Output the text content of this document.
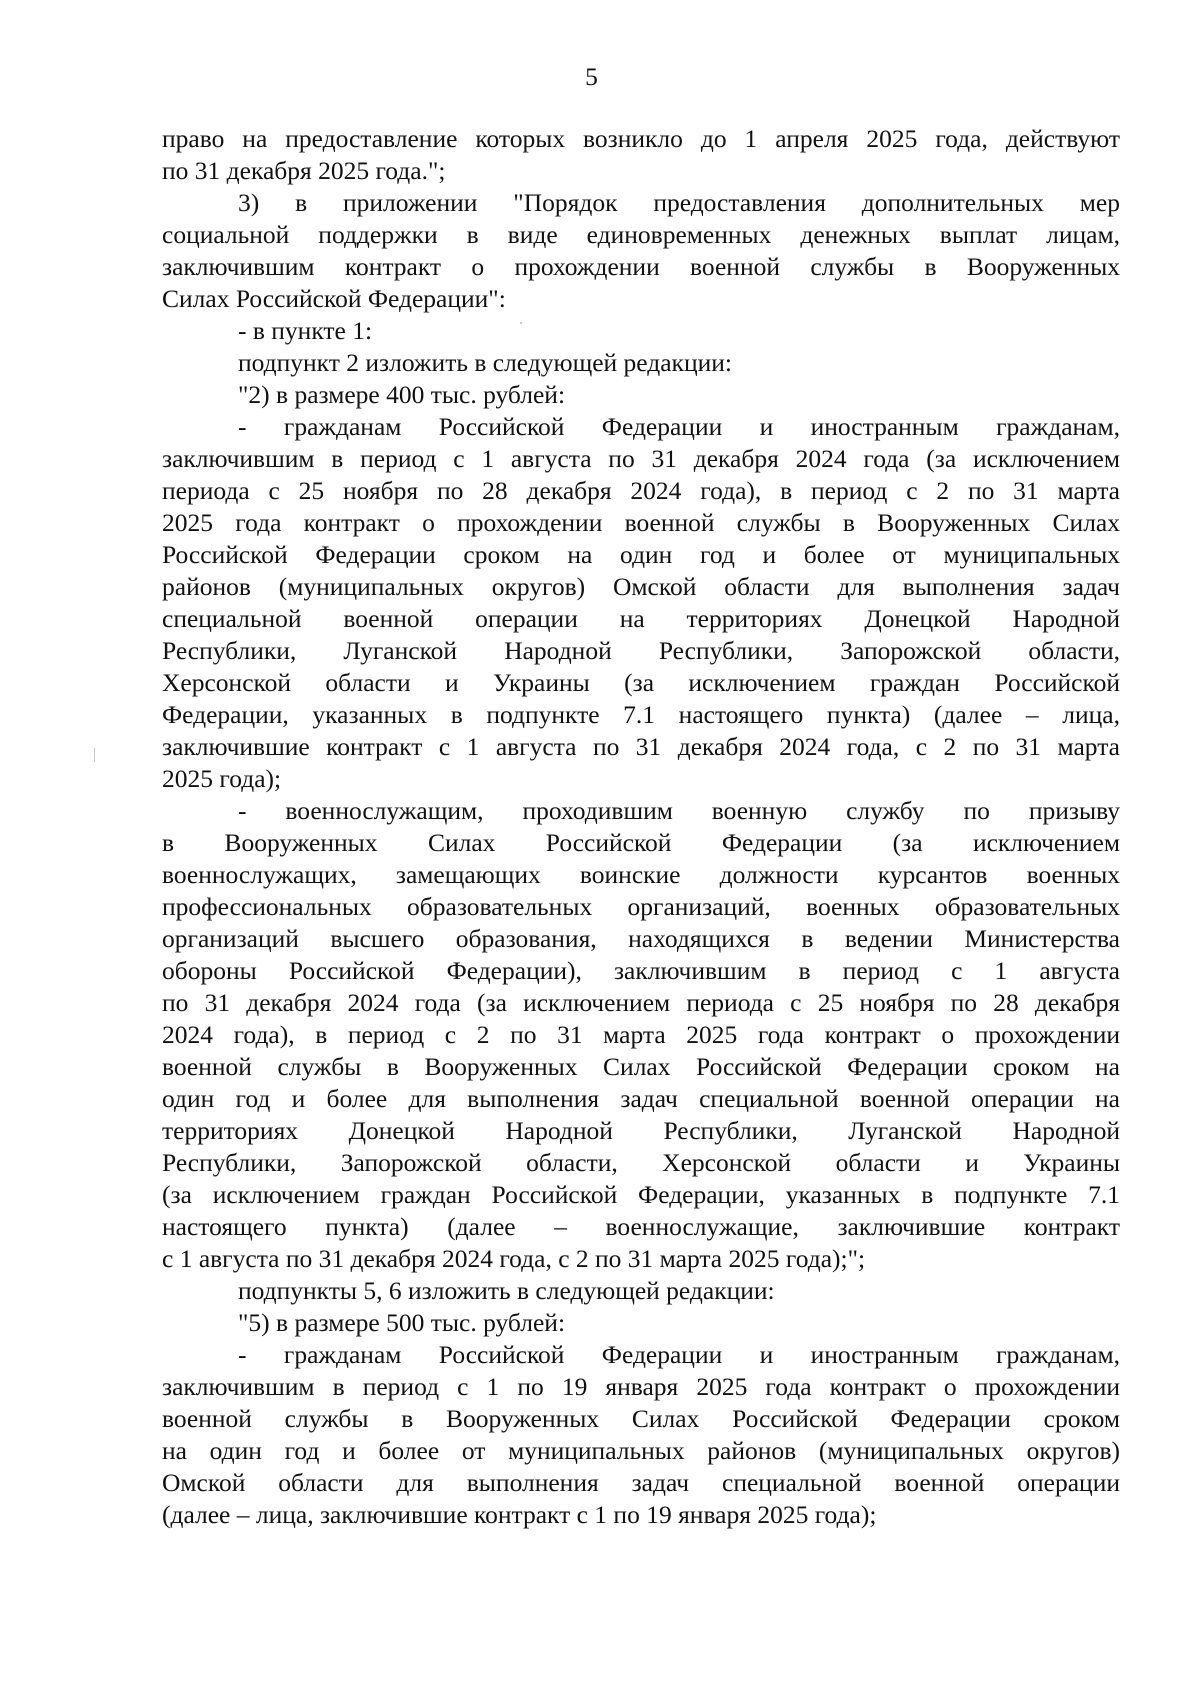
5
право на предоставление которых возникло до 1 апреля 2025 года, действуют
по 31 декабря 2025 года.";
3) в приложении "Порядок предоставления дополнительных мер
социальной поддержки в виде единовременных денежных выплат лицам,
заключившим контракт о прохождении военной службы в Вооруженных
Силах Российской Федерации":
- в пункте 1:
подпункт 2 изложить в следующей редакции:
"2) в размере 400 тыс. рублей:
- гражданам Российской Федерации и иностранным гражданам,
заключившим в период с 1 августа по 31 декабря 2024 года (за исключением
периода с 25 ноября по 28 декабря 2024 года), в период с 2 по 31 марта
2025 года контракт о прохождении военной службы в Вооруженных Силах
Российской Федерации сроком на один год и более от муниципальных
районов (муниципальных округов) Омской области для выполнения задач
специальной военной операции на территориях Донецкой Народной
Республики, Луганской Народной Республики, Запорожской области,
Херсонской области и Украины (за исключением граждан Российской
Федерации, указанных в подпункте 7.1 настоящего пункта) (далее – лица,
заключившие контракт с 1 августа по 31 декабря 2024 года, с 2 по 31 марта
2025 года);
- военнослужащим, проходившим военную службу по призыву
в Вооруженных Силах Российской Федерации (за исключением
военнослужащих, замещающих воинские должности курсантов военных
профессиональных образовательных организаций, военных образовательных
организаций высшего образования, находящихся в ведении Министерства
обороны Российской Федерации), заключившим в период с 1 августа
по 31 декабря 2024 года (за исключением периода с 25 ноября по 28 декабря
2024 года), в период с 2 по 31 марта 2025 года контракт о прохождении
военной службы в Вооруженных Силах Российской Федерации сроком на
один год и более для выполнения задач специальной военной операции на
территориях Донецкой Народной Республики, Луганской Народной
Республики, Запорожской области, Херсонской области и Украины
(за исключением граждан Российской Федерации, указанных в подпункте 7.1
настоящего пункта) (далее – военнослужащие, заключившие контракт
с 1 августа по 31 декабря 2024 года, с 2 по 31 марта 2025 года);";
подпункты 5, 6 изложить в следующей редакции:
"5) в размере 500 тыс. рублей:
- гражданам Российской Федерации и иностранным гражданам,
заключившим в период с 1 по 19 января 2025 года контракт о прохождении
военной службы в Вооруженных Силах Российской Федерации сроком
на один год и более от муниципальных районов (муниципальных округов)
Омской области для выполнения задач специальной военной операции
(далее – лица, заключившие контракт с 1 по 19 января 2025 года);
